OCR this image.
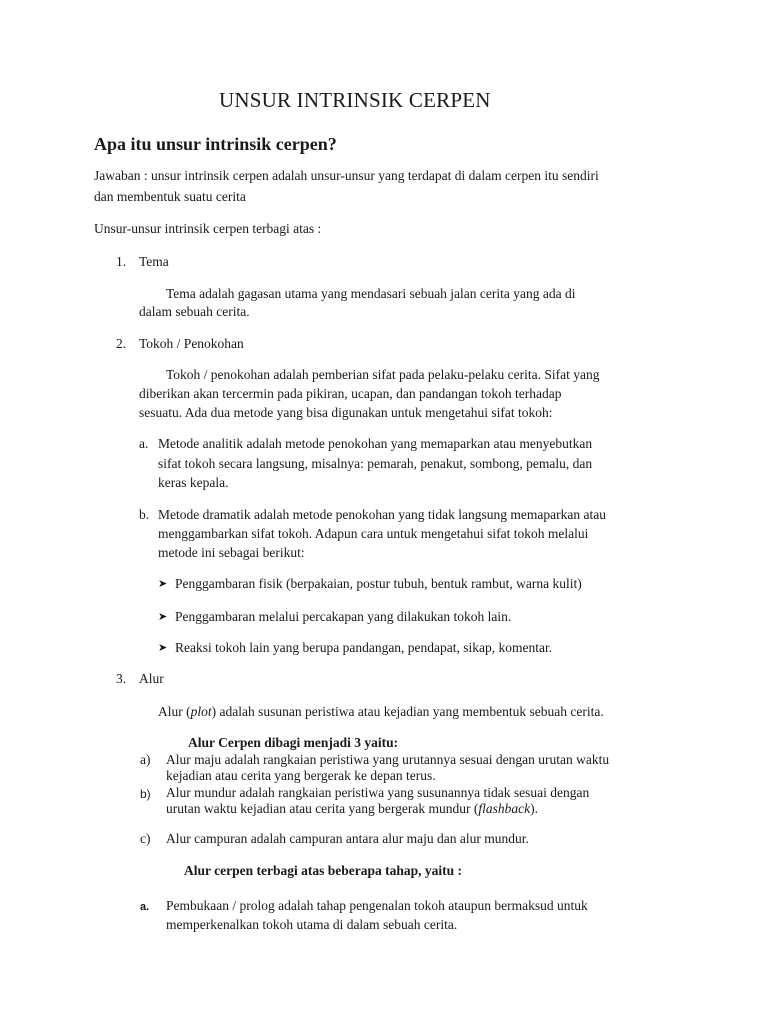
UNSUR INTRINSIK CERPEN
Apa itu unsur intrinsik cerpen?
Jawaban : unsur intrinsik cerpen adalah unsur-unsur yang terdapat di dalam cerpen itu sendiri
dan membentuk suatu cerita
Unsur-unsur intrinsik cerpen terbagi atas :
1. Tema
Tema adalah gagasan utama yang mendasari sebuah jalan cerita yang ada di
dalam sebuah cerita.
2. Tokoh / Penokohan
Tokoh / penokohan adalah pemberian sifat pada pelaku-pelaku cerita. Sifat yang
diberikan akan tercermin pada pikiran, ucapan, dan pandangan tokoh terhadap
sesuatu. Ada dua metode yang bisa digunakan untuk mengetahui sifat tokoh:
a. Metode analitik adalah metode penokohan yang memaparkan atau menyebutkan
sifat tokoh secara langsung, misalnya: pemarah, penakut, sombong, pemalu, dan
keras kepala.
b. Metode dramatik adalah metode penokohan yang tidak langsung memaparkan atau
menggambarkan sifat tokoh. Adapun cara untuk mengetahui sifat tokoh melalui
metode ini sebagai berikut:
➤ Penggambaran fisik (berpakaian, postur tubuh, bentuk rambut, warna kulit)
➤ Penggambaran melalui percakapan yang dilakukan tokoh lain.
➤ Reaksi tokoh lain yang berupa pandangan, pendapat, sikap, komentar.
3. Alur
Alur (plot) adalah susunan peristiwa atau kejadian yang membentuk sebuah cerita.
Alur Cerpen dibagi menjadi 3 yaitu:
a) Alur maju adalah rangkaian peristiwa yang urutannya sesuai dengan urutan waktu
kejadian atau cerita yang bergerak ke depan terus.
b) Alur mundur adalah rangkaian peristiwa yang susunannya tidak sesuai dengan
urutan waktu kejadian atau cerita yang bergerak mundur (flashback).
c) Alur campuran adalah campuran antara alur maju dan alur mundur.
Alur cerpen terbagi atas beberapa tahap, yaitu :
a. Pembukaan / prolog adalah tahap pengenalan tokoh ataupun bermaksud untuk
memperkenalkan tokoh utama di dalam sebuah cerita.
